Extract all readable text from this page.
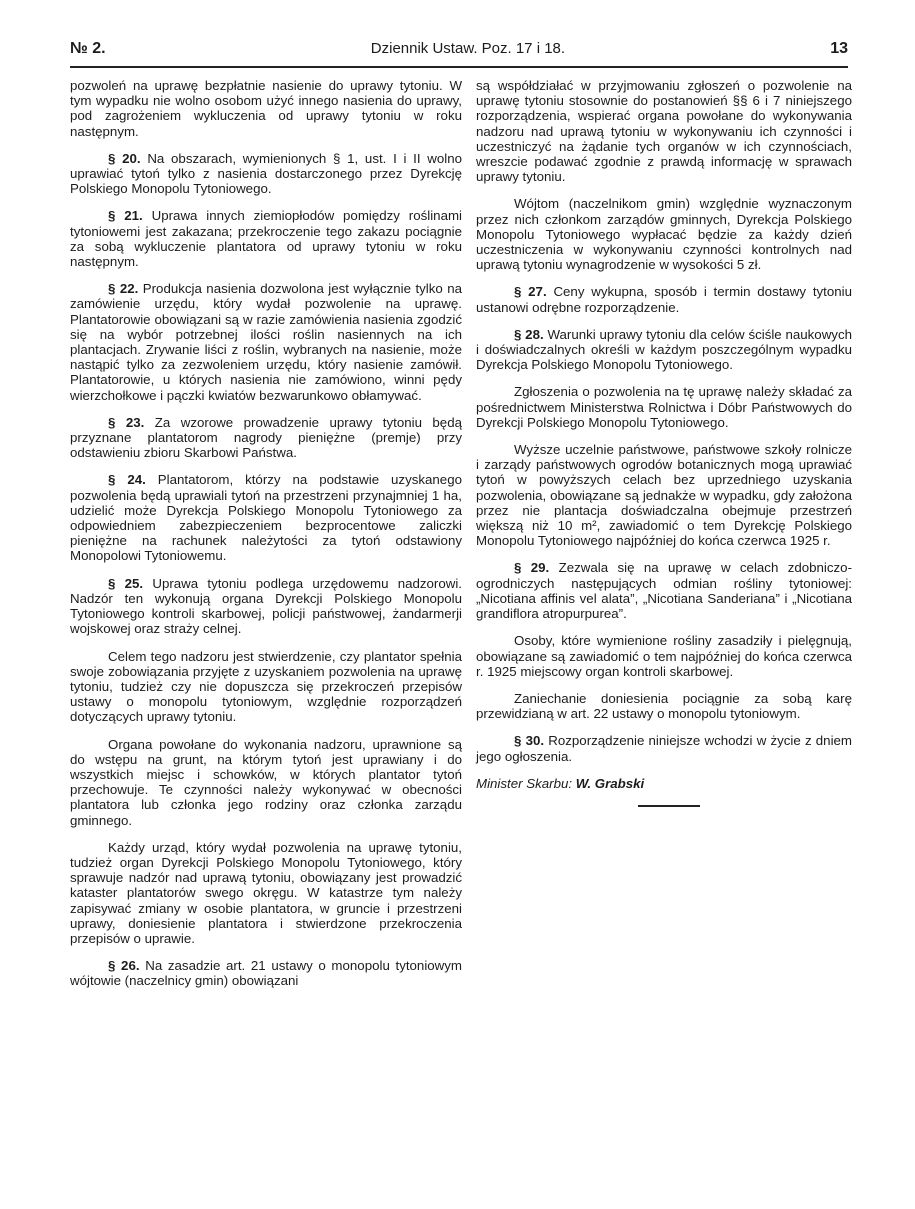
№ 2.	Dziennik Ustaw. Poz. 17 i 18.	13

pozwoleń na uprawę bezpłatnie nasienie do uprawy tytoniu. W tym wypadku nie wolno osobom użyć innego nasienia do uprawy, pod zagrożeniem wykluczenia od uprawy tytoniu w roku następnym.

§ 20. Na obszarach, wymienionych § 1, ust. I i II wolno uprawiać tytoń tylko z nasienia dostarczonego przez Dyrekcję Polskiego Monopolu Tytoniowego.

§ 21. Uprawa innych ziemiopłodów pomiędzy roślinami tytoniowemi jest zakazana; przekroczenie tego zakazu pociągnie za sobą wykluczenie plantatora od uprawy tytoniu w roku następnym.

§ 22. Produkcja nasienia dozwolona jest wyłącznie tylko na zamówienie urzędu, który wydał pozwolenie na uprawę. Plantatorowie obowiązani są w razie zamówienia nasienia zgodzić się na wybór potrzebnej ilości roślin nasiennych na ich plantacjach. Zrywanie liści z roślin, wybranych na nasienie, może nastąpić tylko za zezwoleniem urzędu, który nasienie zamówił. Plantatorowie, u których nasienia nie zamówiono, winni pędy wierzchołkowe i pączki kwiatów bezwarunkowo obłamywać.

§ 23. Za wzorowe prowadzenie uprawy tytoniu będą przyznane plantatorom nagrody pieniężne (premje) przy odstawieniu zbioru Skarbowi Państwa.

§ 24. Plantatorom, którzy na podstawie uzyskanego pozwolenia będą uprawiali tytoń na przestrzeni przynajmniej 1 ha, udzielić może Dyrekcja Polskiego Monopolu Tytoniowego za odpowiedniem zabezpieczeniem bezprocentowe zaliczki pieniężne na rachunek należytości za tytoń odstawiony Monopolowi Tytoniowemu.

§ 25. Uprawa tytoniu podlega urzędowemu nadzorowi. Nadzór ten wykonują organa Dyrekcji Polskiego Monopolu Tytoniowego kontroli skarbowej, policji państwowej, żandarmerji wojskowej oraz straży celnej.

Celem tego nadzoru jest stwierdzenie, czy plantator spełnia swoje zobowiązania przyjęte z uzyskaniem pozwolenia na uprawę tytoniu, tudzież czy nie dopuszcza się przekroczeń przepisów ustawy o monopolu tytoniowym, względnie rozporządzeń dotyczących uprawy tytoniu.

Organa powołane do wykonania nadzoru, uprawnione są do wstępu na grunt, na którym tytoń jest uprawiany i do wszystkich miejsc i schowków, w których plantator tytoń przechowuje. Te czynności należy wykonywać w obecności plantatora lub członka jego rodziny oraz członka zarządu gminnego.

Każdy urząd, który wydał pozwolenia na uprawę tytoniu, tudzież organ Dyrekcji Polskiego Monopolu Tytoniowego, który sprawuje nadzór nad uprawą tytoniu, obowiązany jest prowadzić kataster plantatorów swego okręgu. W katastrze tym należy zapisywać zmiany w osobie plantatora, w gruncie i przestrzeni uprawy, doniesienie plantatora i stwierdzone przekroczenia przepisów o uprawie.

§ 26. Na zasadzie art. 21 ustawy o monopolu tytoniowym wójtowie (naczelnicy gmin) obowiązani

są współdziałać w przyjmowaniu zgłoszeń o pozwolenie na uprawę tytoniu stosownie do postanowień §§ 6 i 7 niniejszego rozporządzenia, wspierać organa powołane do wykonywania nadzoru nad uprawą tytoniu w wykonywaniu ich czynności i uczestniczyć na żądanie tych organów w ich czynnościach, wreszcie podawać zgodnie z prawdą informację w sprawach uprawy tytoniu.

Wójtom (naczelnikom gmin) względnie wyznaczonym przez nich członkom zarządów gminnych, Dyrekcja Polskiego Monopolu Tytoniowego wypłacać będzie za każdy dzień uczestniczenia w wykonywaniu czynności kontrolnych nad uprawą tytoniu wynagrodzenie w wysokości 5 zł.

§ 27. Ceny wykupna, sposób i termin dostawy tytoniu ustanowi odrębne rozporządzenie.

§ 28. Warunki uprawy tytoniu dla celów ściśle naukowych i doświadczalnych określi w każdym poszczególnym wypadku Dyrekcja Polskiego Monopolu Tytoniowego.

Zgłoszenia o pozwolenia na tę uprawę należy składać za pośrednictwem Ministerstwa Rolnictwa i Dóbr Państwowych do Dyrekcji Polskiego Monopolu Tytoniowego.

Wyższe uczelnie państwowe, państwowe szkoły rolnicze i zarządy państwowych ogrodów botanicznych mogą uprawiać tytoń w powyższych celach bez uprzedniego uzyskania pozwolenia, obowiązane są jednakże w wypadku, gdy założona przez nie plantacja doświadczalna obejmuje przestrzeń większą niż 10 m², zawiadomić o tem Dyrekcję Polskiego Monopolu Tytoniowego najpóźniej do końca czerwca 1925 r.

§ 29. Zezwala się na uprawę w celach zdobniczo-ogrodniczych następujących odmian rośliny tytoniowej: „Nicotiana affinis vel alata”, „Nicotiana Sanderiana” i „Nicotiana grandiflora atropurpurea”.

Osoby, które wymienione rośliny zasadziły i pielęgnują, obowiązane są zawiadomić o tem najpóźniej do końca czerwca r. 1925 miejscowy organ kontroli skarbowej.

Zaniechanie doniesienia pociągnie za sobą karę przewidzianą w art. 22 ustawy o monopolu tytoniowym.

§ 30. Rozporządzenie niniejsze wchodzi w życie z dniem jego ogłoszenia.

Minister Skarbu: W. Grabski
